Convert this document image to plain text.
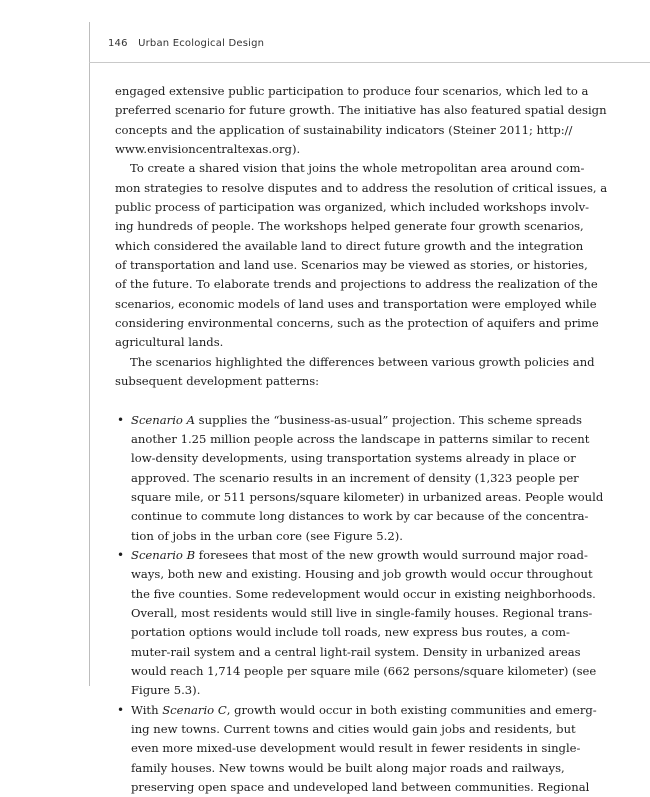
146 Urban Ecological Design
engaged extensive public participation to produce four scenarios, which led to a
preferred scenario for future growth. The initiative has also featured spatial design
concepts and the application of sustainability indicators (Steiner 2011; http://
www.envisioncentraltexas.org).
To create a shared vision that joins the whole metropolitan area around com-
mon strategies to resolve disputes and to address the resolution of critical issues, a
public process of participation was organized, which included workshops involv-
ing hundreds of people. The workshops helped generate four growth scenarios,
which considered the available land to direct future growth and the integration
of transportation and land use. Scenarios may be viewed as stories, or histories,
of the future. To elaborate trends and projections to address the realization of the
scenarios, economic models of land uses and transportation were employed while
considering environmental concerns, such as the protection of aquifers and prime
agricultural lands.
The scenarios highlighted the differences between various growth policies and
subsequent development patterns:
• Scenario A supplies the “business-as-usual” projection. This scheme spreads
another 1.25 million people across the landscape in patterns similar to recent
low-density developments, using transportation systems already in place or
approved. The scenario results in an increment of density (1,323 people per
square mile, or 511 persons/square kilometer) in urbanized areas. People would
continue to commute long distances to work by car because of the concentra-
tion of jobs in the urban core (see Figure 5.2).
• Scenario B foresees that most of the new growth would surround major road-
ways, both new and existing. Housing and job growth would occur throughout
the five counties. Some redevelopment would occur in existing neighborhoods.
Overall, most residents would still live in single-family houses. Regional trans-
portation options would include toll roads, new express bus routes, a com-
muter-rail system and a central light-rail system. Density in urbanized areas
would reach 1,714 people per square mile (662 persons/square kilometer) (see
Figure 5.3).
• With Scenario C, growth would occur in both existing communities and emerg-
ing new towns. Current towns and cities would gain jobs and residents, but
even more mixed-use development would result in fewer residents in single-
family houses. New towns would be built along major roads and railways,
preserving open space and undeveloped land between communities. Regional
